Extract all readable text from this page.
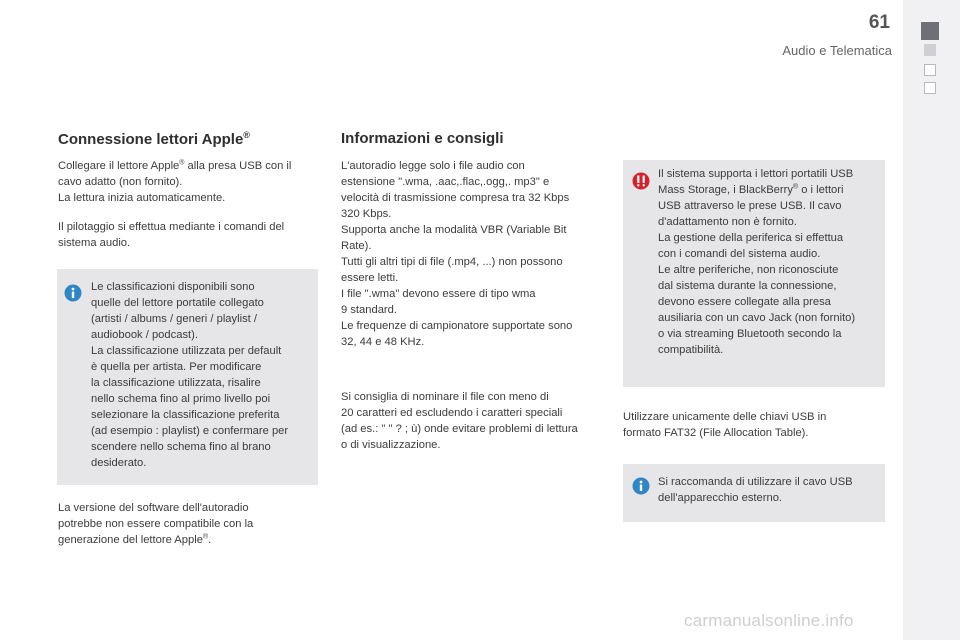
61
Audio e Telematica
Connessione lettori Apple®
Collegare il lettore Apple® alla presa USB con il
cavo adatto (non fornito).
La lettura inizia automaticamente.
Il pilotaggio si effettua mediante i comandi del
sistema audio.
Le classificazioni disponibili sono
quelle del lettore portatile collegato
(artisti / albums / generi / playlist /
audiobook / podcast).
La classificazione utilizzata per default
è quella per artista. Per modificare
la classificazione utilizzata, risalire
nello schema fino al primo livello poi
selezionare la classificazione preferita
(ad esempio : playlist) e confermare per
scendere nello schema fino al brano
desiderato.
La versione del software dell'autoradio
potrebbe non essere compatibile con la
generazione del lettore Apple®.
Informazioni e consigli
L'autoradio legge solo i file audio con
estensione ".wma, .aac,.flac,.ogg,. mp3" e
velocità di trasmissione compresa tra 32 Kbps
320 Kbps.
Supporta anche la modalità VBR (Variable Bit
Rate).
Tutti gli altri tipi di file (.mp4, ...) non possono
essere letti.
I file ".wma" devono essere di tipo wma
9 standard.
Le frequenze di campionatore supportate sono
32, 44 e 48 KHz.
Si consiglia di nominare il file con meno di
20 caratteri ed escludendo i caratteri speciali
(ad es.: " " ? ; ù) onde evitare problemi di lettura
o di visualizzazione.
Il sistema supporta i lettori portatili USB
Mass Storage, i BlackBerry® o i lettori
USB attraverso le prese USB. Il cavo
d'adattamento non è fornito.
La gestione della periferica si effettua
con i comandi del sistema audio.
Le altre periferiche, non riconosciute
dal sistema durante la connessione,
devono essere collegate alla presa
ausiliaria con un cavo Jack (non fornito)
o via streaming Bluetooth secondo la
compatibilità.
Utilizzare unicamente delle chiavi USB in
formato FAT32 (File Allocation Table).
Si raccomanda di utilizzare il cavo USB
dell'apparecchio esterno.
carmanualsonline.info
